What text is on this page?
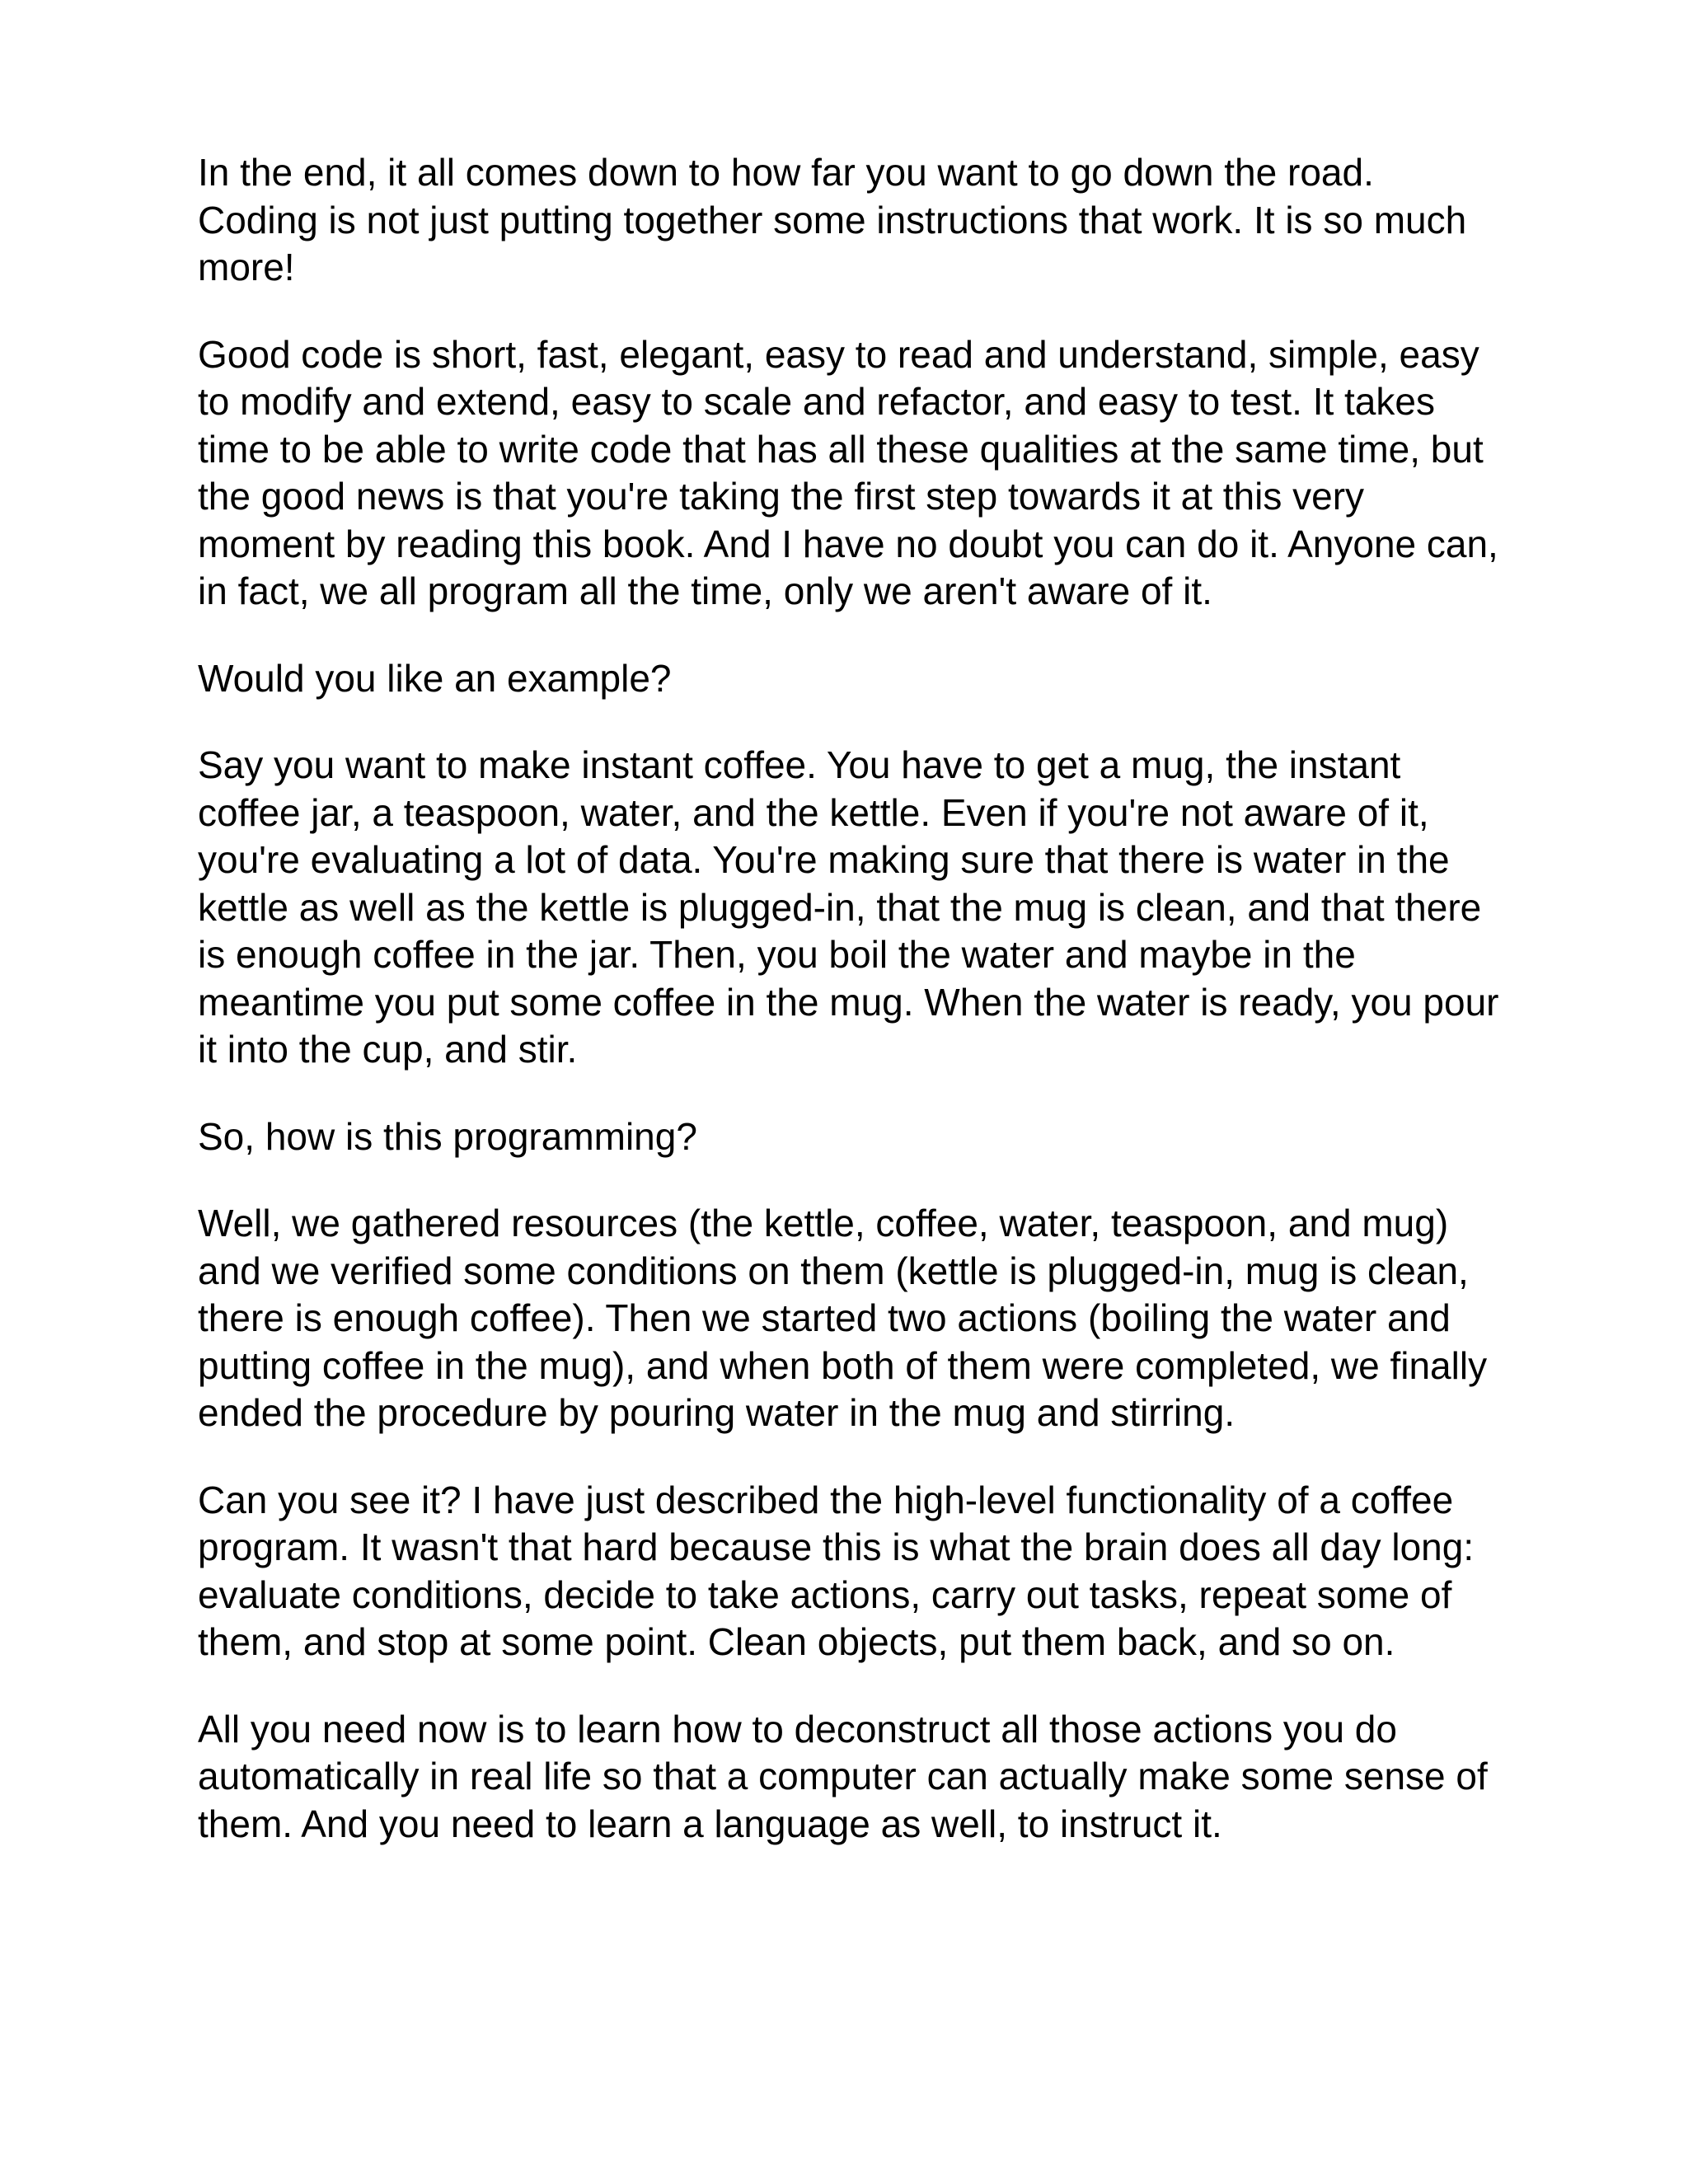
In the end, it all comes down to how far you want to go down the road. Coding is not just putting together some instructions that work. It is so much more!

Good code is short, fast, elegant, easy to read and understand, simple, easy to modify and extend, easy to scale and refactor, and easy to test. It takes time to be able to write code that has all these qualities at the same time, but the good news is that you're taking the first step towards it at this very moment by reading this book. And I have no doubt you can do it. Anyone can, in fact, we all program all the time, only we aren't aware of it.

Would you like an example?

Say you want to make instant coffee. You have to get a mug, the instant coffee jar, a teaspoon, water, and the kettle. Even if you're not aware of it, you're evaluating a lot of data. You're making sure that there is water in the kettle as well as the kettle is plugged-in, that the mug is clean, and that there is enough coffee in the jar. Then, you boil the water and maybe in the meantime you put some coffee in the mug. When the water is ready, you pour it into the cup, and stir.

So, how is this programming?

Well, we gathered resources (the kettle, coffee, water, teaspoon, and mug) and we verified some conditions on them (kettle is plugged-in, mug is clean, there is enough coffee). Then we started two actions (boiling the water and putting coffee in the mug), and when both of them were completed, we finally ended the procedure by pouring water in the mug and stirring.

Can you see it? I have just described the high-level functionality of a coffee program. It wasn't that hard because this is what the brain does all day long: evaluate conditions, decide to take actions, carry out tasks, repeat some of them, and stop at some point. Clean objects, put them back, and so on.

All you need now is to learn how to deconstruct all those actions you do automatically in real life so that a computer can actually make some sense of them. And you need to learn a language as well, to instruct it.
